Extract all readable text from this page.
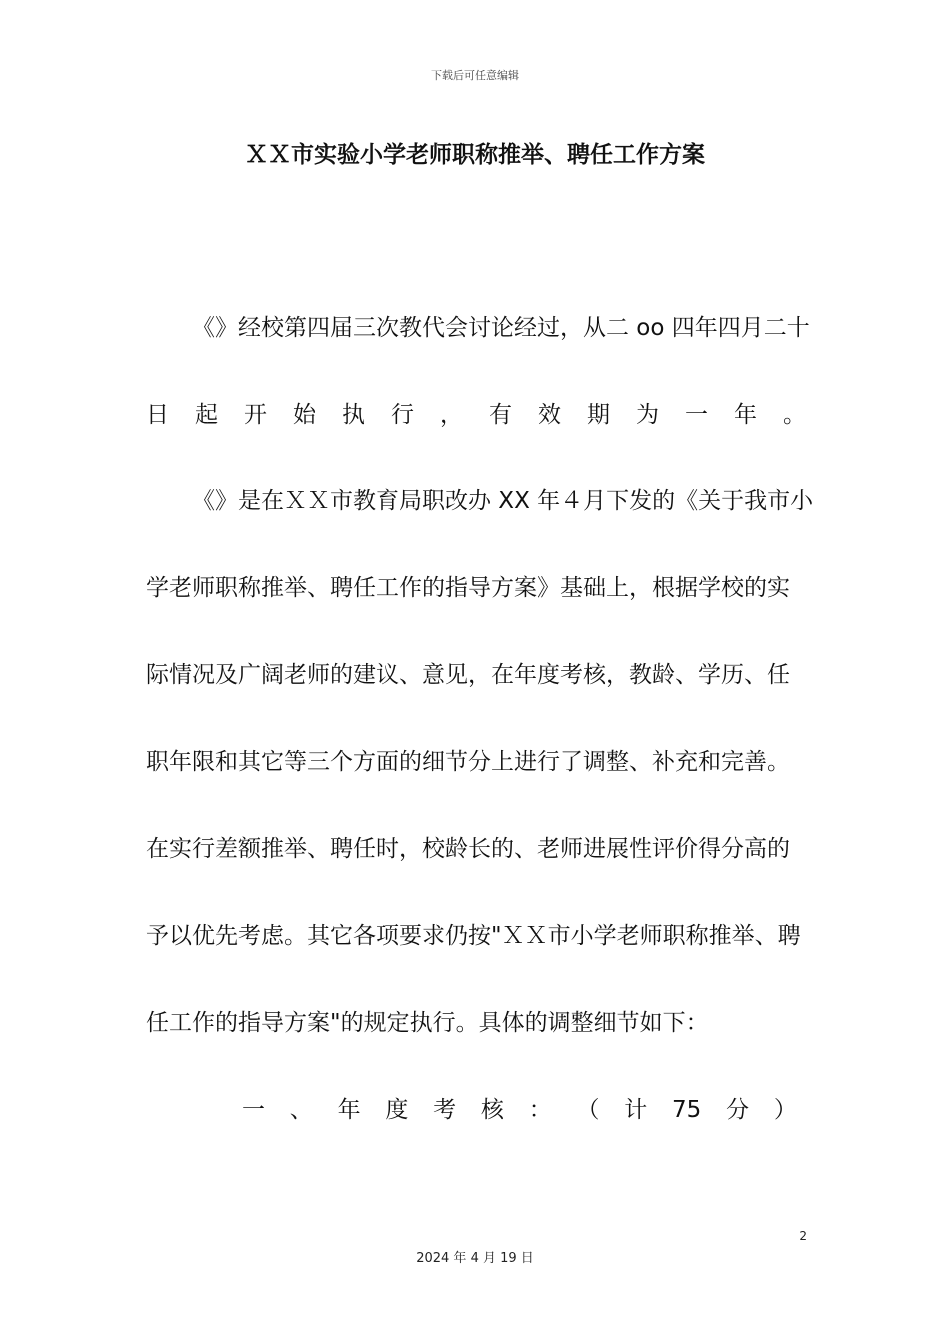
下载后可任意编辑
ＸＸ市实验小学老师职称推举、聘任工作方案
《》经校第四届三次教代会讨论经过，从二 oo 四年四月二十
日 起 开 始 执 行 ， 有 效 期 为 一 年 。
《》是在ＸＸ市教育局职改办 XX 年４月下发的《关于我市小
学老师职称推举、聘任工作的指导方案》基础上，根据学校的实
际情况及广阔老师的建议、意见，在年度考核，教龄、学历、任
职年限和其它等三个方面的细节分上进行了调整、补充和完善。
在实行差额推举、聘任时，校龄长的、老师进展性评价得分高的
予以优先考虑。其它各项要求仍按"ＸＸ市小学老师职称推举、聘
任工作的指导方案"的规定执行。具体的调整细节如下：
一 、 年 度 考 核 ： （ 计 75 分 ）
2
2024 年 4 月 19 日
